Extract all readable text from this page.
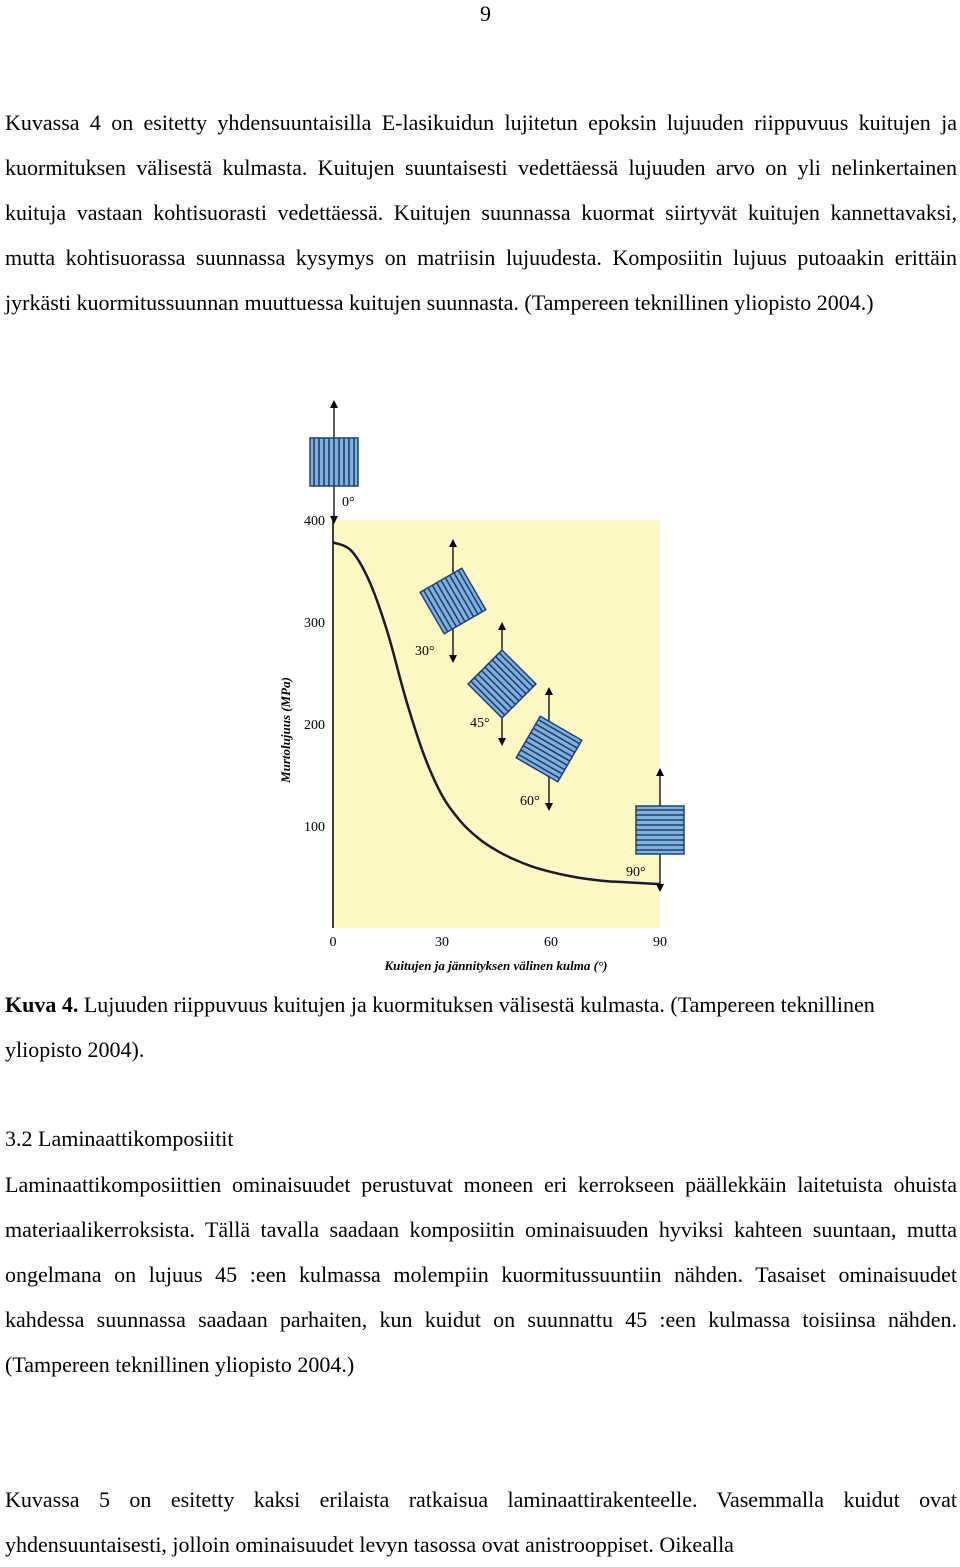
9

Kuvassa 4 on esitetty yhdensuuntaisilla E-lasikuidun lujitetun epoksin lujuuden riippuvuus kuitujen ja kuormituksen välisestä kulmasta. Kuitujen suuntaisesti vedettäessä lujuuden arvo on yli nelinkertainen kuituja vastaan kohtisuorasti vedettäessä. Kuitujen suunnassa kuormat siirtyvät kuitujen kannettavaksi, mutta kohtisuorassa suunnassa kysymys on matriisin lujuudesta. Komposiitin lujuus putoaakin erittäin jyrkästi kuormitussuunnan muuttuessa kuitujen suunnasta. (Tampereen teknillinen yliopisto 2004.)

100
200
300
400
0	30	60	90
Murtolujuus (MPa)
Kuitujen ja jännityksen välinen kulma (°)
0°
30°
45°
60°
90°

Kuva 4. Lujuuden riippuvuus kuitujen ja kuormituksen välisestä kulmasta. (Tampereen teknillinen yliopisto 2004).

3.2 Laminaattikomposiitit

Laminaattikomposiittien ominaisuudet perustuvat moneen eri kerrokseen päällekkäin laitetuista ohuista materiaalikerroksista. Tällä tavalla saadaan komposiitin ominaisuuden hyviksi kahteen suuntaan, mutta ongelmana on lujuus 45 :een kulmassa molempiin kuormitussuuntiin nähden. Tasaiset ominaisuudet kahdessa suunnassa saadaan parhaiten, kun kuidut on suunnattu 45 :een kulmassa toisiinsa nähden. (Tampereen teknillinen yliopisto 2004.)

Kuvassa 5 on esitetty kaksi erilaista ratkaisua laminaattirakenteelle. Vasemmalla kuidut ovat yhdensuuntaisesti, jolloin ominaisuudet levyn tasossa ovat anistrooppiset. Oikealla
